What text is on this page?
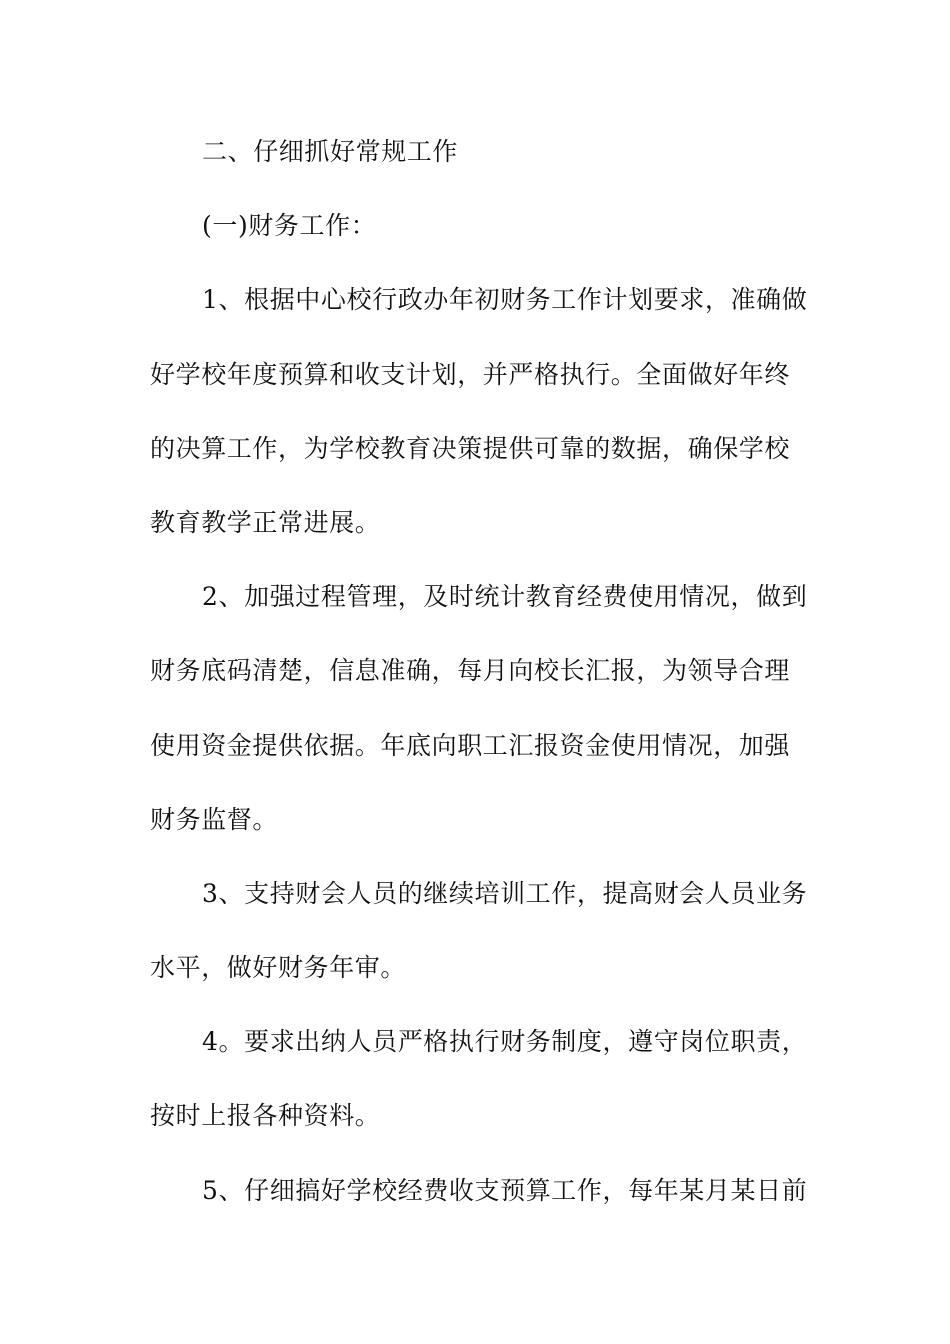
二、仔细抓好常规工作
(一)财务工作：
1、根据中心校行政办年初财务工作计划要求，准确做
好学校年度预算和收支计划，并严格执行。全面做好年终
的决算工作，为学校教育决策提供可靠的数据，确保学校
教育教学正常进展。
2、加强过程管理，及时统计教育经费使用情况，做到
财务底码清楚，信息准确，每月向校长汇报，为领导合理
使用资金提供依据。年底向职工汇报资金使用情况，加强
财务监督。
3、支持财会人员的继续培训工作，提高财会人员业务
水平，做好财务年审。
4。要求出纳人员严格执行财务制度，遵守岗位职责，
按时上报各种资料。
5、仔细搞好学校经费收支预算工作，每年某月某日前
